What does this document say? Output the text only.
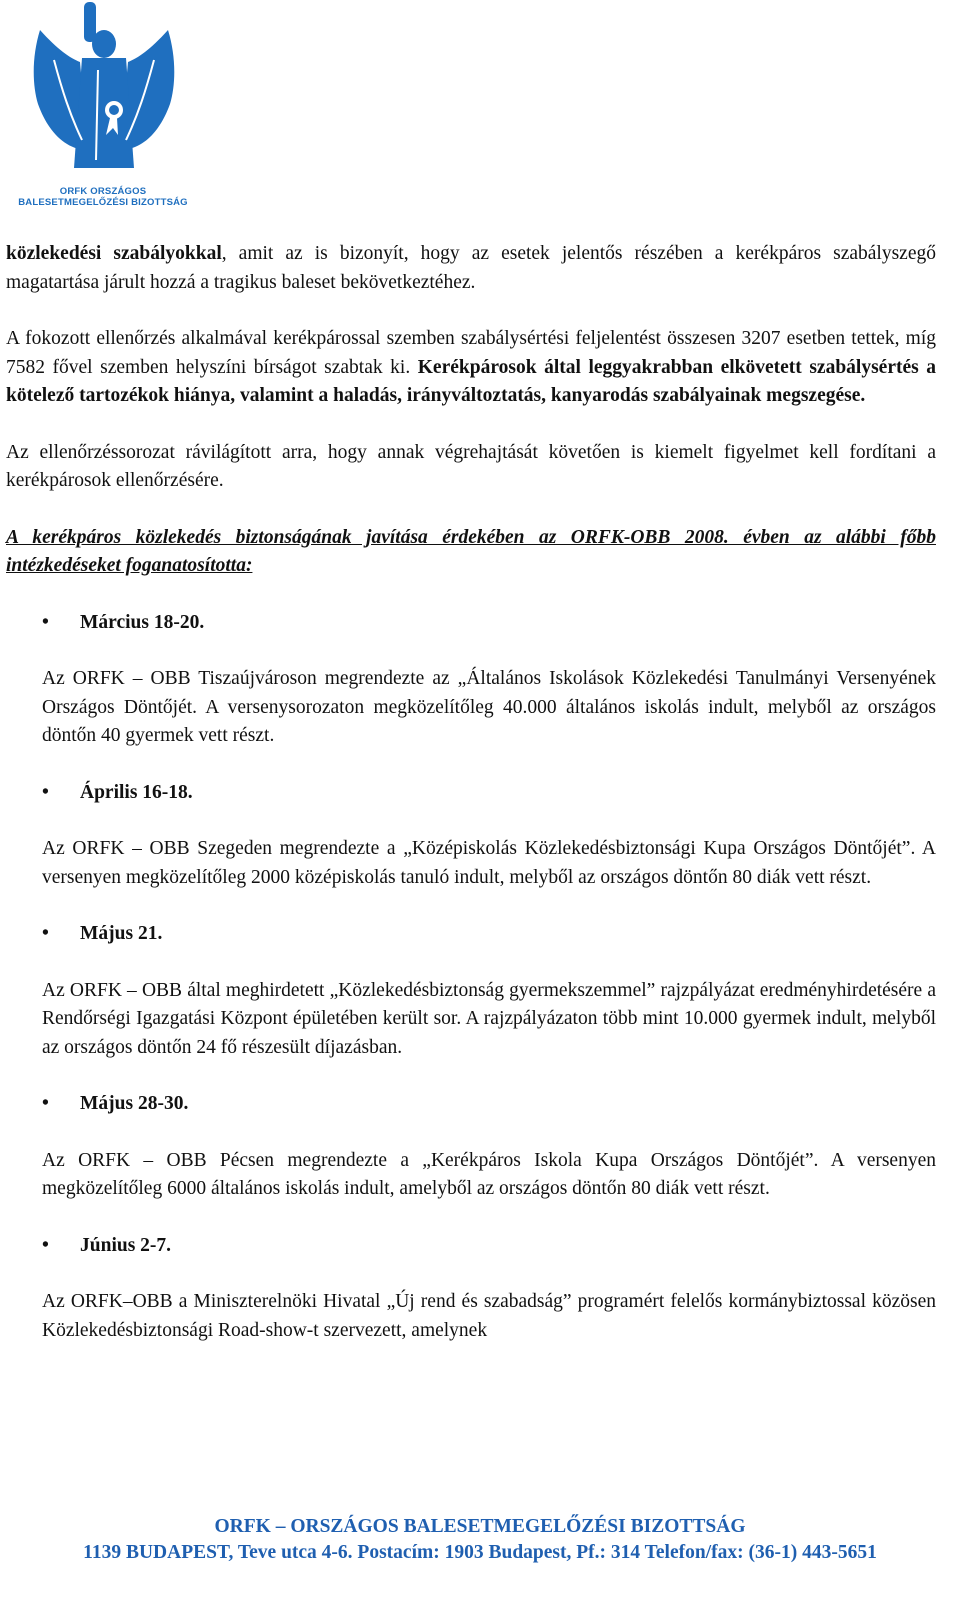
ORFK ORSZÁGOS
BALESETMEGELŐZÉSI BIZOTTSÁG

közlekedési szabályokkal, amit az is bizonyít, hogy az esetek jelentős részében a kerékpáros szabályszegő magatartása járult hozzá a tragikus baleset bekövetkeztéhez.

A fokozott ellenőrzés alkalmával kerékpárossal szemben szabálysértési feljelentést összesen 3207 esetben tettek, míg 7582 fővel szemben helyszíni bírságot szabtak ki. Kerékpárosok által leggyakrabban elkövetett szabálysértés a kötelező tartozékok hiánya, valamint a haladás, irányváltoztatás, kanyarodás szabályainak megszegése.

Az ellenőrzéssorozat rávilágított arra, hogy annak végrehajtását követően is kiemelt figyelmet kell fordítani a kerékpárosok ellenőrzésére.

A kerékpáros közlekedés biztonságának javítása érdekében az ORFK-OBB 2008. évben az alábbi főbb intézkedéseket foganatosította:

• Március 18-20.

Az ORFK – OBB Tiszaújvároson megrendezte az „Általános Iskolások Közlekedési Tanulmányi Versenyének Országos Döntőjét. A versenysorozaton megközelítőleg 40.000 általános iskolás indult, melyből az országos döntőn 40 gyermek vett részt.

• Április 16-18.

Az ORFK – OBB Szegeden megrendezte a „Középiskolás Közlekedésbiztonsági Kupa Országos Döntőjét”. A versenyen megközelítőleg 2000 középiskolás tanuló indult, melyből az országos döntőn 80 diák vett részt.

• Május 21.

Az ORFK – OBB által meghirdetett „Közlekedésbiztonság gyermekszemmel” rajzpályázat eredményhirdetésére a Rendőrségi Igazgatási Központ épületében került sor. A rajzpályázaton több mint 10.000 gyermek indult, melyből az országos döntőn 24 fő részesült díjazásban.

• Május 28-30.

Az ORFK – OBB Pécsen megrendezte a „Kerékpáros Iskola Kupa Országos Döntőjét”. A versenyen megközelítőleg 6000 általános iskolás indult, amelyből az országos döntőn 80 diák vett részt.

• Június 2-7.

Az ORFK–OBB a Miniszterelnöki Hivatal „Új rend és szabadság” programért felelős kormánybiztossal közösen Közlekedésbiztonsági Road-show-t szervezett, amelynek

ORFK – ORSZÁGOS BALESETMEGELŐZÉSI BIZOTTSÁG
1139 BUDAPEST, Teve utca 4-6. Postacím: 1903 Budapest, Pf.: 314 Telefon/fax: (36-1) 443-5651
